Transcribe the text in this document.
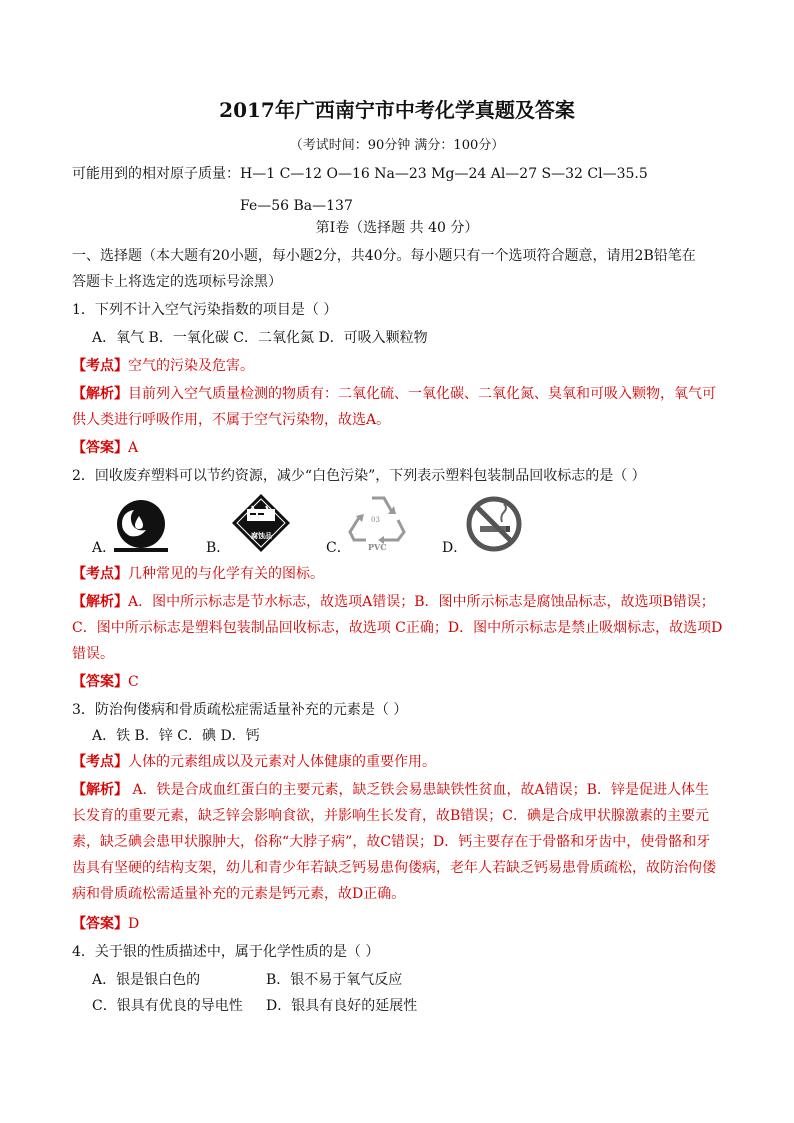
2017年广西南宁市中考化学真题及答案
（考试时间：90分钟 满分：100分）
可能用到的相对原子质量：H—1 C—12 O—16 Na—23 Mg—24 Al—27 S—32 Cl—35.5
Fe—56 Ba—137
第Ⅰ卷（选择题 共 40 分）
一、选择题（本大题有20小题，每小题2分，共40分。每小题只有一个选项符合题意，请用2B铅笔在
答题卡上将选定的选项标号涂黑）
1．下列不计入空气污染指数的项目是（ ）
A．氧气 B．一氧化碳 C．二氧化氮 D．可吸入颗粒物
【考点】空气的污染及危害。
【解析】目前列入空气质量检测的物质有：二氧化硫、一氧化碳、二氧化氮、臭氧和可吸入颗物，氧气可
供人类进行呼吸作用，不属于空气污染物，故选A。
【答案】A
2．回收废弃塑料可以节约资源，减少“白色污染”，下列表示塑料包装制品回收标志的是（ ）
A．
腐蚀品
B．
03
PVC
C．	D．
【考点】几种常见的与化学有关的图标。
【解析】A．图中所示标志是节水标志，故选项A错误；B．图中所示标志是腐蚀品标志，故选项B错误；
C．图中所示标志是塑料包装制品回收标志，故选项 C正确；D．图中所示标志是禁止吸烟标志，故选项D
错误。
【答案】C
3．防治佝偻病和骨质疏松症需适量补充的元素是（ ）
A．铁 B．锌 C．碘 D．钙
【考点】人体的元素组成以及元素对人体健康的重要作用。
【解析】 A．铁是合成血红蛋白的主要元素，缺乏铁会易患缺铁性贫血，故A错误；B．锌是促进人体生
长发育的重要元素，缺乏锌会影响食欲，并影响生长发育，故B错误；C．碘是合成甲状腺激素的主要元
素，缺乏碘会患甲状腺肿大，俗称“大脖子病”，故C错误；D．钙主要存在于骨骼和牙齿中，使骨骼和牙
齿具有坚硬的结构支架，幼儿和青少年若缺乏钙易患佝偻病，老年人若缺乏钙易患骨质疏松，故防治佝偻
病和骨质疏松需适量补充的元素是钙元素，故D正确。
【答案】D
4．关于银的性质描述中，属于化学性质的是（ ）
A．银是银白色的	B．银不易于氧气反应
C．银具有优良的导电性 D．银具有良好的延展性
